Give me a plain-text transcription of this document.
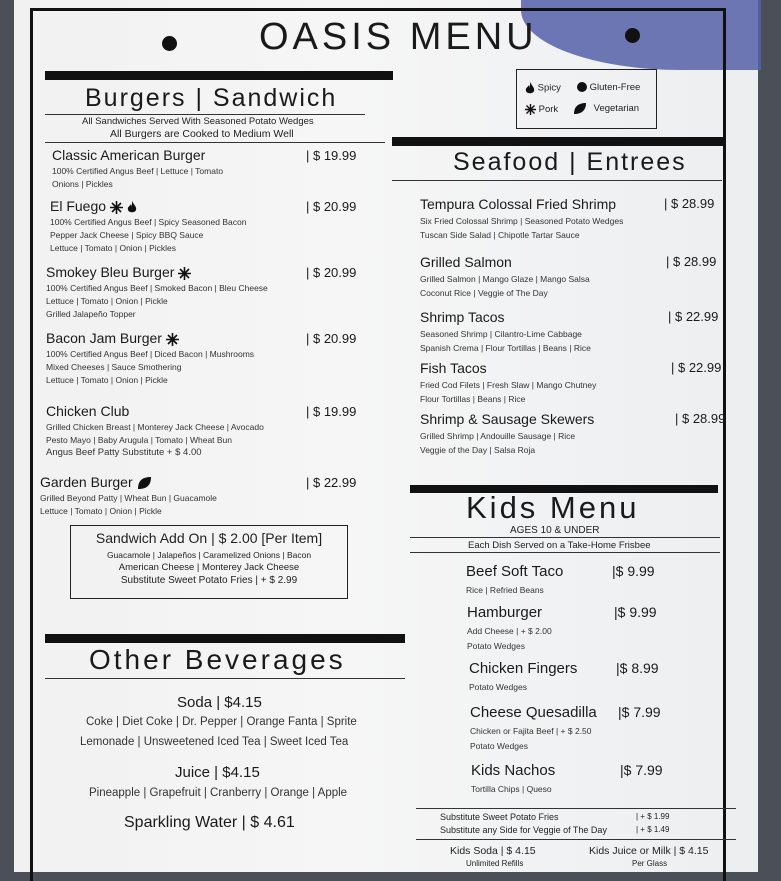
OASIS MENU
Spicy	Gluten-Free
Pork	Vegetarian
Burgers | Sandwich
All Sandwiches Served With Seasoned Potato Wedges
All Burgers are Cooked to Medium Well
Classic American Burger	| $ 19.99
100% Certified Angus Beef | Lettuce | Tomato
Onions | Pickles
El Fuego	| $ 20.99
100% Certified Angus Beef | Spicy Seasoned Bacon
Pepper Jack Cheese | Spicy BBQ Sauce
Lettuce | Tomato | Onion | Pickles
Smokey Bleu Burger	| $ 20.99
100% Certified Angus Beef | Smoked Bacon | Bleu Cheese
Lettuce | Tomato | Onion | Pickle
Grilled Jalapeño Topper
Bacon Jam Burger	| $ 20.99
100% Certified Angus Beef | Diced Bacon | Mushrooms
Mixed Cheeses | Sauce Smothering
Lettuce | Tomato | Onion | Pickle
Chicken Club	| $ 19.99
Grilled Chicken Breast | Monterey Jack Cheese | Avocado
Pesto Mayo | Baby Arugula | Tomato | Wheat Bun
Angus Beef Patty Substitute + $ 4.00
Garden Burger	| $ 22.99
Grilled Beyond Patty | Wheat Bun | Guacamole
Lettuce | Tomato | Onion | Pickle
Sandwich Add On | $ 2.00 [Per Item]
Guacamole | Jalapeños | Caramelized Onions | Bacon
American Cheese | Monterey Jack Cheese
Substitute Sweet Potato Fries | + $ 2.99
Other Beverages
Soda | $4.15
Coke | Diet Coke | Dr. Pepper | Orange Fanta | Sprite
Lemonade | Unsweetened Iced Tea | Sweet Iced Tea
Juice | $4.15
Pineapple | Grapefruit | Cranberry | Orange | Apple
Sparkling Water | $ 4.61
Seafood | Entrees
Tempura Colossal Fried Shrimp	| $ 28.99
Six Fried Colossal Shrimp | Seasoned Potato Wedges
Tuscan Side Salad | Chipotle Tartar Sauce
Grilled Salmon	| $ 28.99
Grilled Salmon | Mango Glaze | Mango Salsa
Coconut Rice | Veggie of The Day
Shrimp Tacos	| $ 22.99
Seasoned Shrimp | Cilantro-Lime Cabbage
Spanish Crema | Flour Tortillas | Beans | Rice
Fish Tacos	| $ 22.99
Fried Cod Filets | Fresh Slaw | Mango Chutney
Flour Tortillas | Beans | Rice
Shrimp & Sausage Skewers	| $ 28.99
Grilled Shrimp | Andouille Sausage | Rice
Veggie of the Day | Salsa Roja
Kids Menu
AGES 10 & UNDER
Each Dish Served on a Take-Home Frisbee
Beef Soft Taco	|$ 9.99
Rice | Refried Beans
Hamburger	|$ 9.99
Add Cheese | + $ 2.00
Potato Wedges
Chicken Fingers	|$ 8.99
Potato Wedges
Cheese Quesadilla |$ 7.99
Chicken or Fajita Beef | + $ 2.50
Potato Wedges
Kids Nachos	|$ 7.99
Tortilla Chips | Queso
Substitute Sweet Potato Fries	| + $ 1.99
Substitute any Side for Veggie of The Day	| + $ 1.49
Kids Soda | $ 4.15
Unlimited Refills
Kids Juice or Milk | $ 4.15
Per Glass
